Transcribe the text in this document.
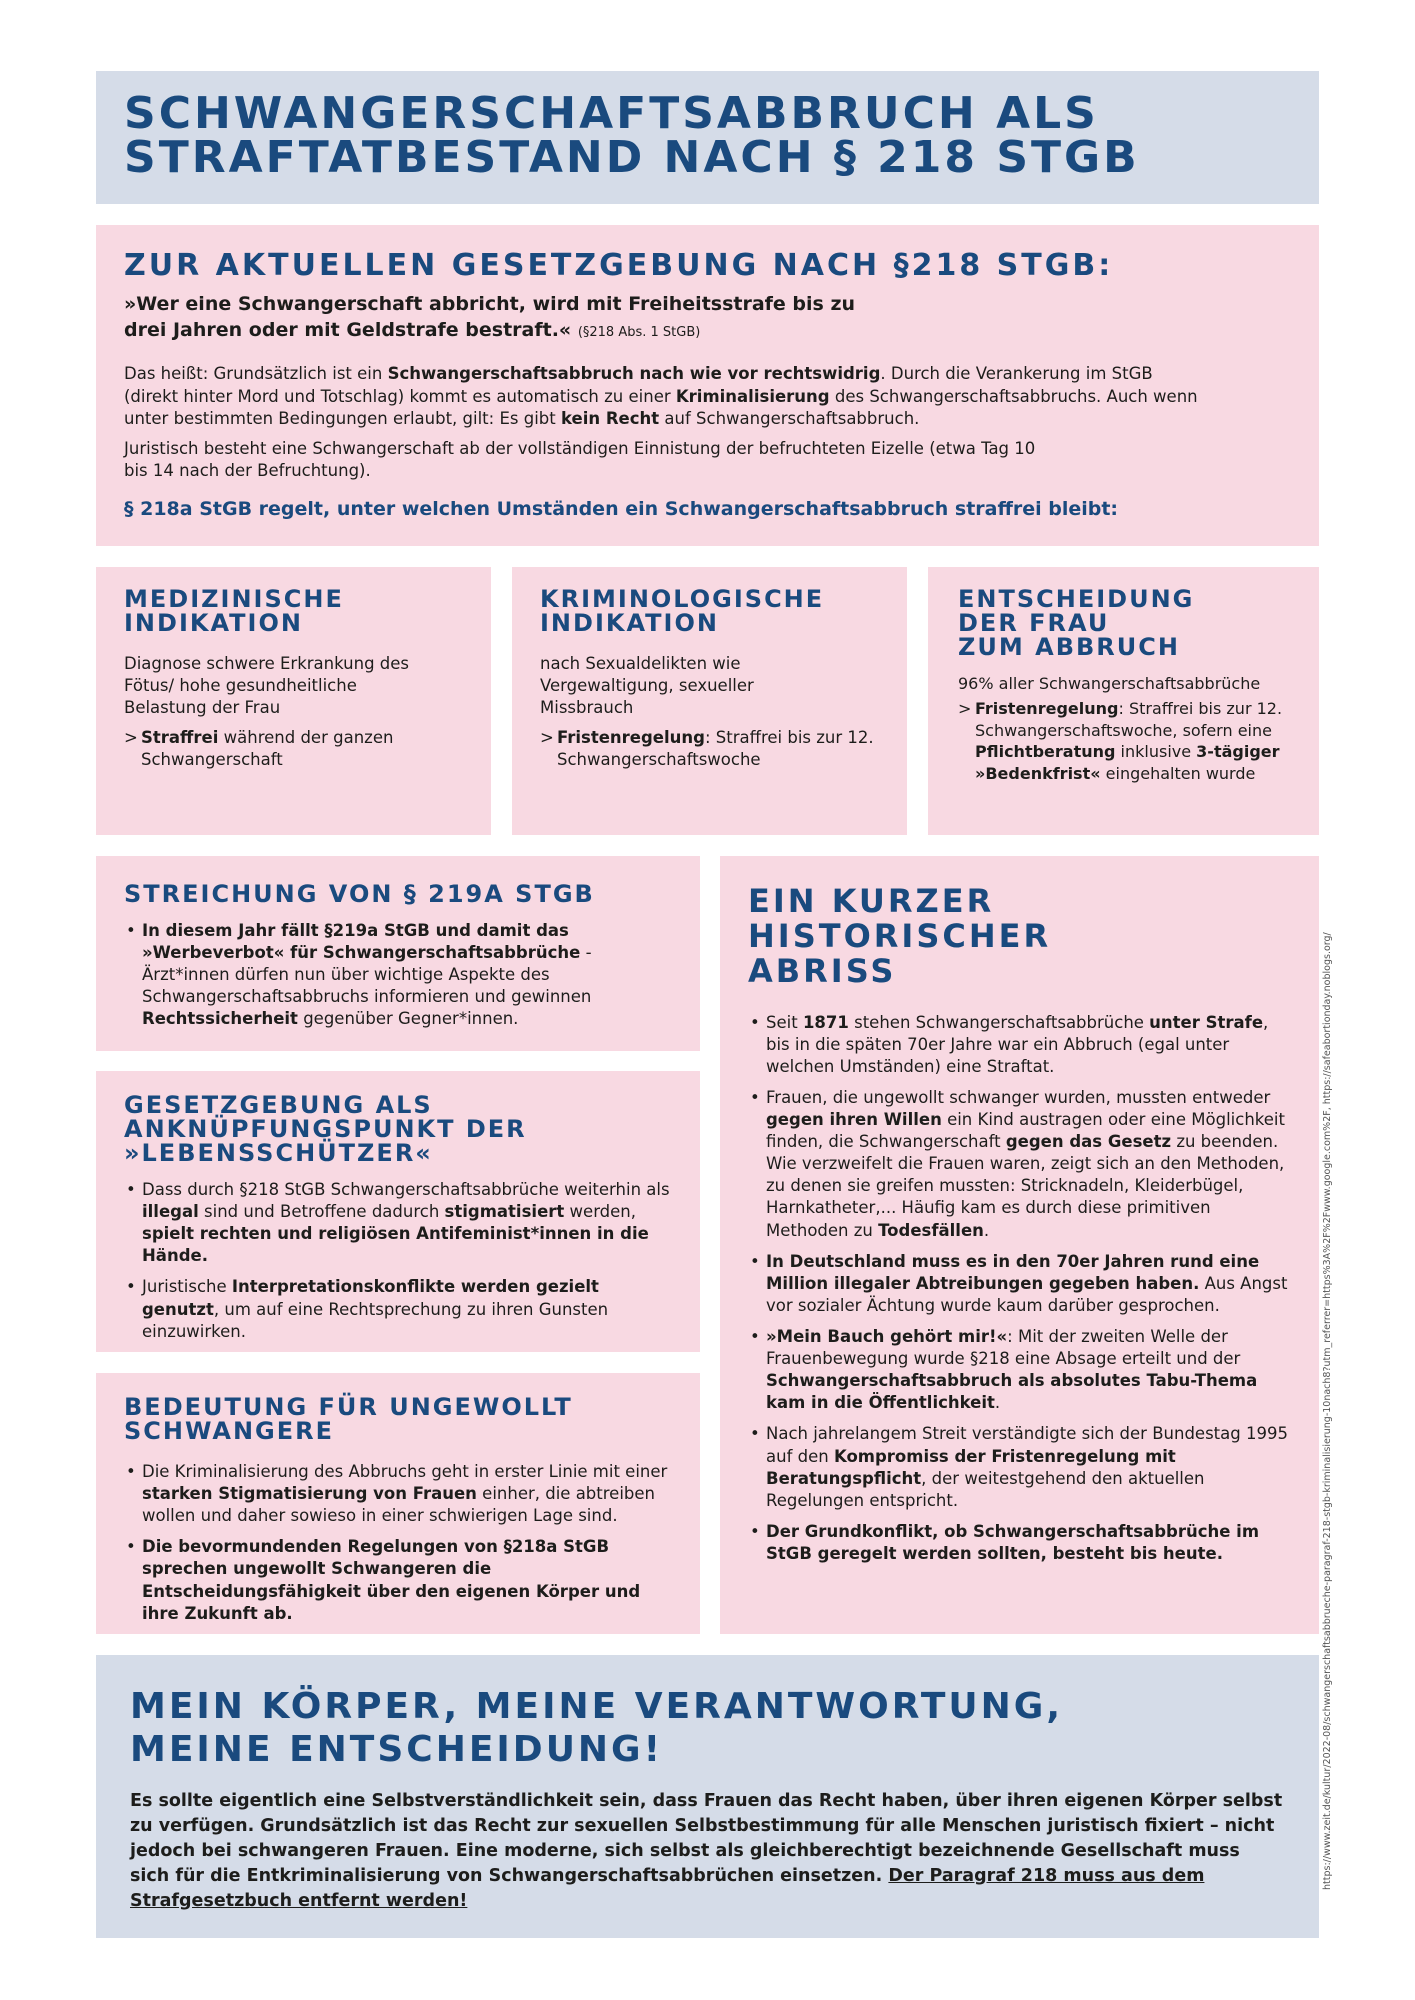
SCHWANGERSCHAFTSABBRUCH ALS
STRAFTATBESTAND NACH § 218 STGB
ZUR AKTUELLEN GESETZGEBUNG NACH §218 STGB:

»Wer eine Schwangerschaft abbricht, wird mit Freiheitsstrafe bis zu
drei Jahren oder mit Geldstrafe bestraft.« (§218 Abs. 1 StGB)

Das heißt: Grundsätzlich ist ein Schwangerschaftsabbruch nach wie vor rechtswidrig. Durch die Verankerung im StGB (direkt hinter Mord und Totschlag) kommt es automatisch zu einer Kriminalisierung des Schwangerschaftsabbruchs. Auch wenn unter bestimmten Bedingungen erlaubt, gilt: Es gibt kein Recht auf Schwangerschaftsabbruch.

Juristisch besteht eine Schwangerschaft ab der vollständigen Einnistung der befruchteten Eizelle (etwa Tag 10 bis 14 nach der Befruchtung).

§ 218a StGB regelt, unter welchen Umständen ein Schwangerschaftsabbruch straffrei bleibt:

MEDIZINISCHE
INDIKATION

Diagnose schwere Erkrankung des Fötus/ hohe gesundheitliche Belastung der Frau

> Straffrei während der ganzen Schwangerschaft

KRIMINOLOGISCHE
INDIKATION

nach Sexualdelikten wie Vergewaltigung, sexueller Missbrauch

> Fristenregelung: Straffrei bis zur 12. Schwangerschaftswoche

ENTSCHEIDUNG
DER FRAU
ZUM ABBRUCH

96% aller Schwangerschaftsabbrüche

> Fristenregelung: Straffrei bis zur 12. Schwangerschaftswoche, sofern eine Pflichtberatung inklusive 3-tägiger »Bedenkfrist« eingehalten wurde

STREICHUNG VON § 219A STGB
• In diesem Jahr fällt §219a StGB und damit das »Werbeverbot« für Schwangerschaftsabbrüche - Ärzt*innen dürfen nun über wichtige Aspekte des Schwangerschaftsabbruchs informieren und gewinnen Rechtssicherheit gegenüber Gegner*innen.
GESETZGEBUNG ALS
ANKNÜPFUNGSPUNKT DER
»LEBENSSCHÜTZER«
• Dass durch §218 StGB Schwangerschaftsabbrüche weiterhin als illegal sind und Betroffene dadurch stigmatisiert werden, spielt rechten und religiösen Antifeminist*innen in die Hände.
• Juristische Interpretationskonflikte werden gezielt genutzt, um auf eine Rechtsprechung zu ihren Gunsten einzuwirken.
BEDEUTUNG FÜR UNGEWOLLT
SCHWANGERE
• Die Kriminalisierung des Abbruchs geht in erster Linie mit einer starken Stigmatisierung von Frauen einher, die abtreiben wollen und daher sowieso in einer schwierigen Lage sind.
• Die bevormundenden Regelungen von §218a StGB sprechen ungewollt Schwangeren die Entscheidungsfähigkeit über den eigenen Körper und ihre Zukunft ab.
EIN KURZER
HISTORISCHER
ABRISS
• Seit 1871 stehen Schwangerschaftsabbrüche unter Strafe, bis in die späten 70er Jahre war ein Abbruch (egal unter welchen Umständen) eine Straftat.
• Frauen, die ungewollt schwanger wurden, mussten entweder gegen ihren Willen ein Kind austragen oder eine Möglichkeit finden, die Schwangerschaft gegen das Gesetz zu beenden. Wie verzweifelt die Frauen waren, zeigt sich an den Methoden, zu denen sie greifen mussten: Stricknadeln, Kleiderbügel, Harnkatheter,... Häufig kam es durch diese primitiven Methoden zu Todesfällen.
• In Deutschland muss es in den 70er Jahren rund eine Million illegaler Abtreibungen gegeben haben. Aus Angst vor sozialer Ächtung wurde kaum darüber gesprochen.
• »Mein Bauch gehört mir!«: Mit der zweiten Welle der Frauenbewegung wurde §218 eine Absage erteilt und der Schwangerschaftsabbruch als absolutes Tabu-Thema kam in die Öffentlichkeit.
• Nach jahrelangem Streit verständigte sich der Bundestag 1995 auf den Kompromiss der Fristenregelung mit Beratungspflicht, der weitestgehend den aktuellen Regelungen entspricht.
• Der Grundkonflikt, ob Schwangerschaftsabbrüche im StGB geregelt werden sollten, besteht bis heute.
MEIN KÖRPER, MEINE VERANTWORTUNG,
MEINE ENTSCHEIDUNG!

Es sollte eigentlich eine Selbstverständlichkeit sein, dass Frauen das Recht haben, über ihren eigenen Körper selbst zu verfügen. Grundsätzlich ist das Recht zur sexuellen Selbstbestimmung für alle Menschen juristisch fixiert – nicht jedoch bei schwangeren Frauen. Eine moderne, sich selbst als gleichberechtigt bezeichnende Gesellschaft muss sich für die Entkriminalisierung von Schwangerschaftsabbrüchen einsetzen. Der Paragraf 218 muss aus dem Strafgesetzbuch entfernt werden!

https://www.zeit.de/kultur/2022-08/schwangerschaftsabbrueche-paragraf-218-stgb-kriminalisierung-10nach8?utm_referrer=https%3A%2F%2Fwww.google.com%2F, https://safeabortionday.noblogs.org/
